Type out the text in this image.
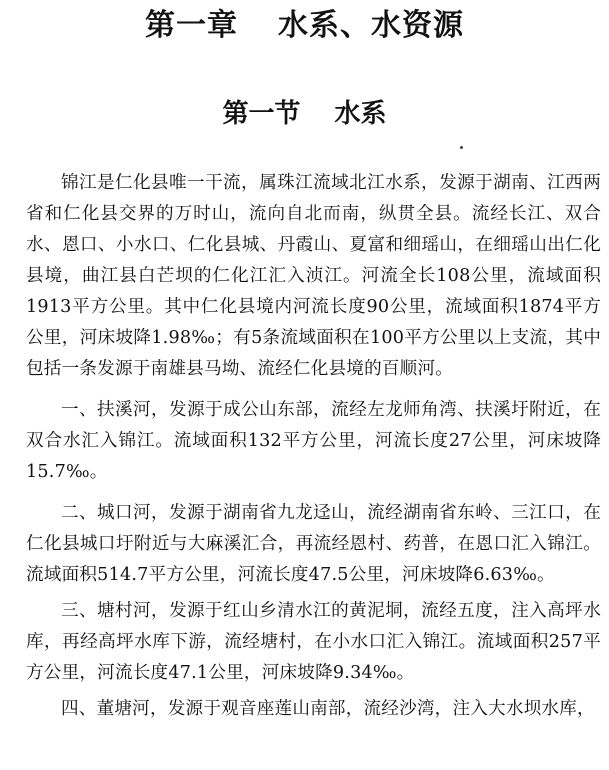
第一章 水系、水资源
第一节 水系

锦江是仁化县唯一干流，属珠江流域北江水系，发源于湖南、江西两省和仁化县交界的万时山，流向自北而南，纵贯全县。流经长江、双合水、恩口、小水口、仁化县城、丹霞山、夏富和细瑶山，在细瑶山出仁化县境，曲江县白芒坝的仁化江汇入浈江。河流全长108公里，流域面积1913平方公里。其中仁化县境内河流长度90公里，流域面积1874平方公里，河床坡降1.98‰；有5条流域面积在100平方公里以上支流，其中包括一条发源于南雄县马坳、流经仁化县境的百顺河。

一、扶溪河，发源于成公山东部，流经左龙师角湾、扶溪圩附近，在双合水汇入锦江。流域面积132平方公里，河流长度27公里，河床坡降15.7‰。

二、城口河，发源于湖南省九龙迳山，流经湖南省东岭、三江口，在仁化县城口圩附近与大麻溪汇合，再流经恩村、药普，在恩口汇入锦江。流域面积514.7平方公里，河流长度47.5公里，河床坡降6.63‰。

三、塘村河，发源于红山乡清水江的黄泥垌，流经五度，注入高坪水库，再经高坪水库下游，流经塘村，在小水口汇入锦江。流域面积257平方公里，河流长度47.1公里，河床坡降9.34‰。

四、董塘河，发源于观音座莲山南部，流经沙湾，注入大水坝水库，
